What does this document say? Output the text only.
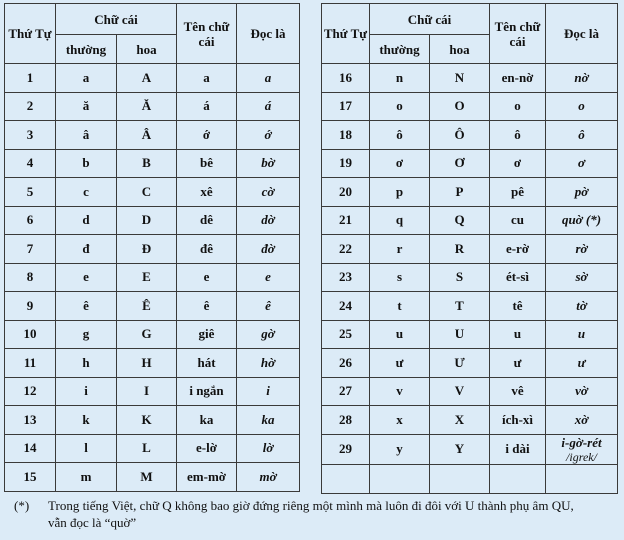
Thứ Tự	Chữ cái		Tên chữ cái	Đọc là
	thường	hoa		
1	a	A	a	a
2	ă	Ă	á	á
3	â	Â	ớ	ớ
4	b	B	bê	bờ
5	c	C	xê	cờ
6	d	D	dê	dờ
7	đ	Đ	đê	đờ
8	e	E	e	e
9	ê	Ê	ê	ê
10	g	G	giê	gờ
11	h	H	hát	hờ
12	i	I	i ngắn	i
13	k	K	ka	ka
14	l	L	e-lờ	lờ
15	m	M	em-mờ	mờ
Thứ Tự	Chữ cái		Tên chữ cái	Đọc là
	thường	hoa		
16	n	N	en-nờ	nờ
17	o	O	o	o
18	ô	Ô	ô	ô
19	ơ	Ơ	ơ	ơ
20	p	P	pê	pờ
21	q	Q	cu	quờ (*)
22	r	R	e-rờ	rờ
23	s	S	ét-sì	sờ
24	t	T	tê	tờ
25	u	U	u	u
26	ư	Ư	ư	ư
27	v	V	vê	vờ
28	x	X	ích-xì	xờ
29	y	Y	i dài	i-gờ-rét
/igrek/

(*) Trong tiếng Việt, chữ Q không bao giờ đứng riêng một mình mà luôn đi đôi với U thành phụ âm QU, vẫn đọc là “quờ”
